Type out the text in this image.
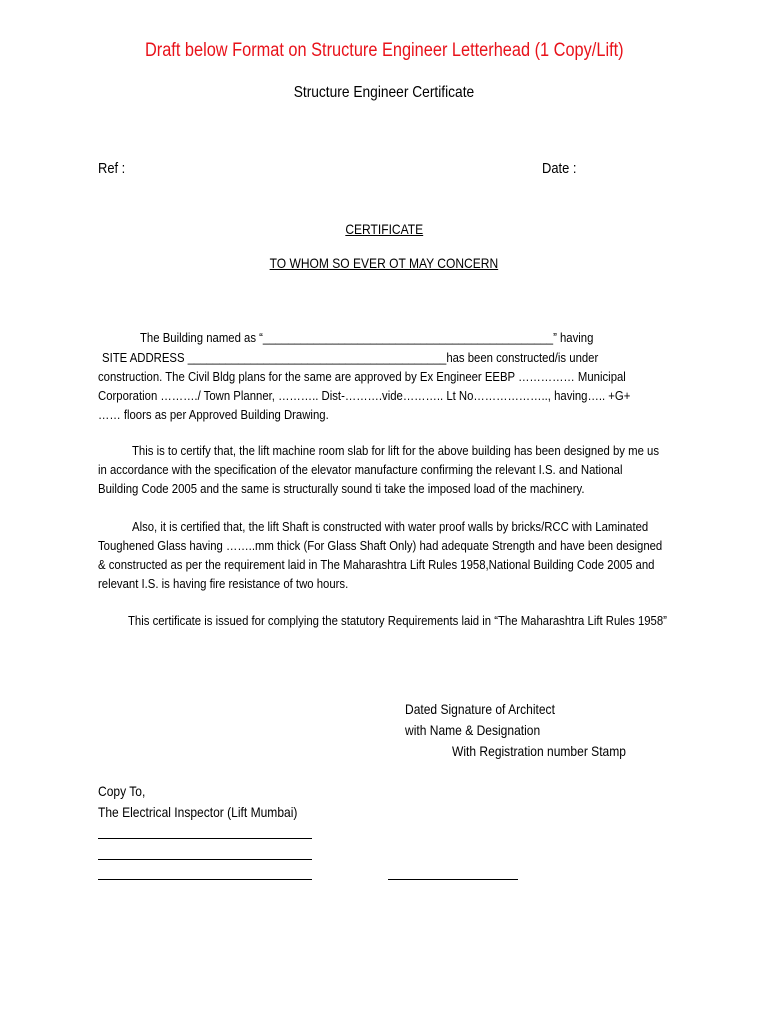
Draft below Format on Structure Engineer Letterhead (1 Copy/Lift)
Structure Engineer Certificate
Ref :	Date :
CERTIFICATE
TO WHOM SO EVER OT MAY CONCERN
The Building named as “______________________________________________” having
SITE ADDRESS _________________________________________has been constructed/is under
construction. The Civil Bldg plans for the same are approved by Ex Engineer EEBP …………… Municipal
Corporation ………./ Town Planner, ……….. Dist-……….vide……….. Lt No……………….., having….. +G+
…… floors as per Approved Building Drawing.
This is to certify that, the lift machine room slab for lift for the above building has been designed by me us
in accordance with the specification of the elevator manufacture confirming the relevant I.S. and National
Building Code 2005 and the same is structurally sound ti take the imposed load of the machinery.
Also, it is certified that, the lift Shaft is constructed with water proof walls by bricks/RCC with Laminated
Toughened Glass having ……..mm thick (For Glass Shaft Only) had adequate Strength and have been designed
& constructed as per the requirement laid in The Maharashtra Lift Rules 1958,National Building Code 2005 and
relevant I.S. is having fire resistance of two hours.
This certificate is issued for complying the statutory Requirements laid in “The Maharashtra Lift Rules 1958”
Dated Signature of Architect
with Name & Designation
With Registration number Stamp
Copy To,
The Electrical Inspector (Lift Mumbai)
